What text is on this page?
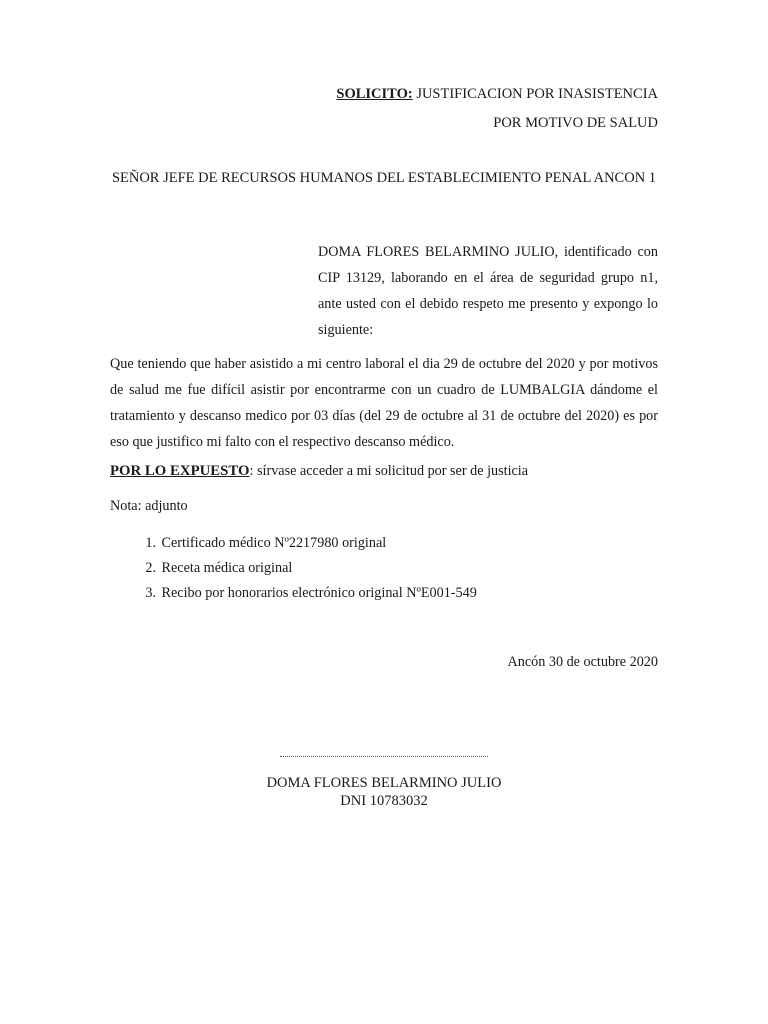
SOLICITO: JUSTIFICACION POR INASISTENCIA
POR MOTIVO DE SALUD
SEÑOR JEFE DE RECURSOS HUMANOS DEL ESTABLECIMIENTO PENAL ANCON 1
DOMA FLORES BELARMINO JULIO, identificado con CIP 13129, laborando en el área de seguridad grupo n1, ante usted con el debido respeto me presento y expongo lo siguiente:
Que teniendo que haber asistido a mi centro laboral el dia 29 de octubre del 2020 y por motivos de salud me fue difícil asistir por encontrarme con un cuadro de LUMBALGIA dándome el tratamiento y descanso medico por 03 días (del 29 de octubre al 31 de octubre del 2020) es por eso que justifico mi falto con el respectivo descanso médico.
POR LO EXPUESTO: sírvase acceder a mi solicitud por ser de justicia
Nota: adjunto
1. Certificado médico Nº2217980 original
2. Receta médica original
3. Recibo por honorarios electrónico original NºE001-549
Ancón 30 de octubre 2020
DOMA FLORES BELARMINO JULIO
DNI 10783032
